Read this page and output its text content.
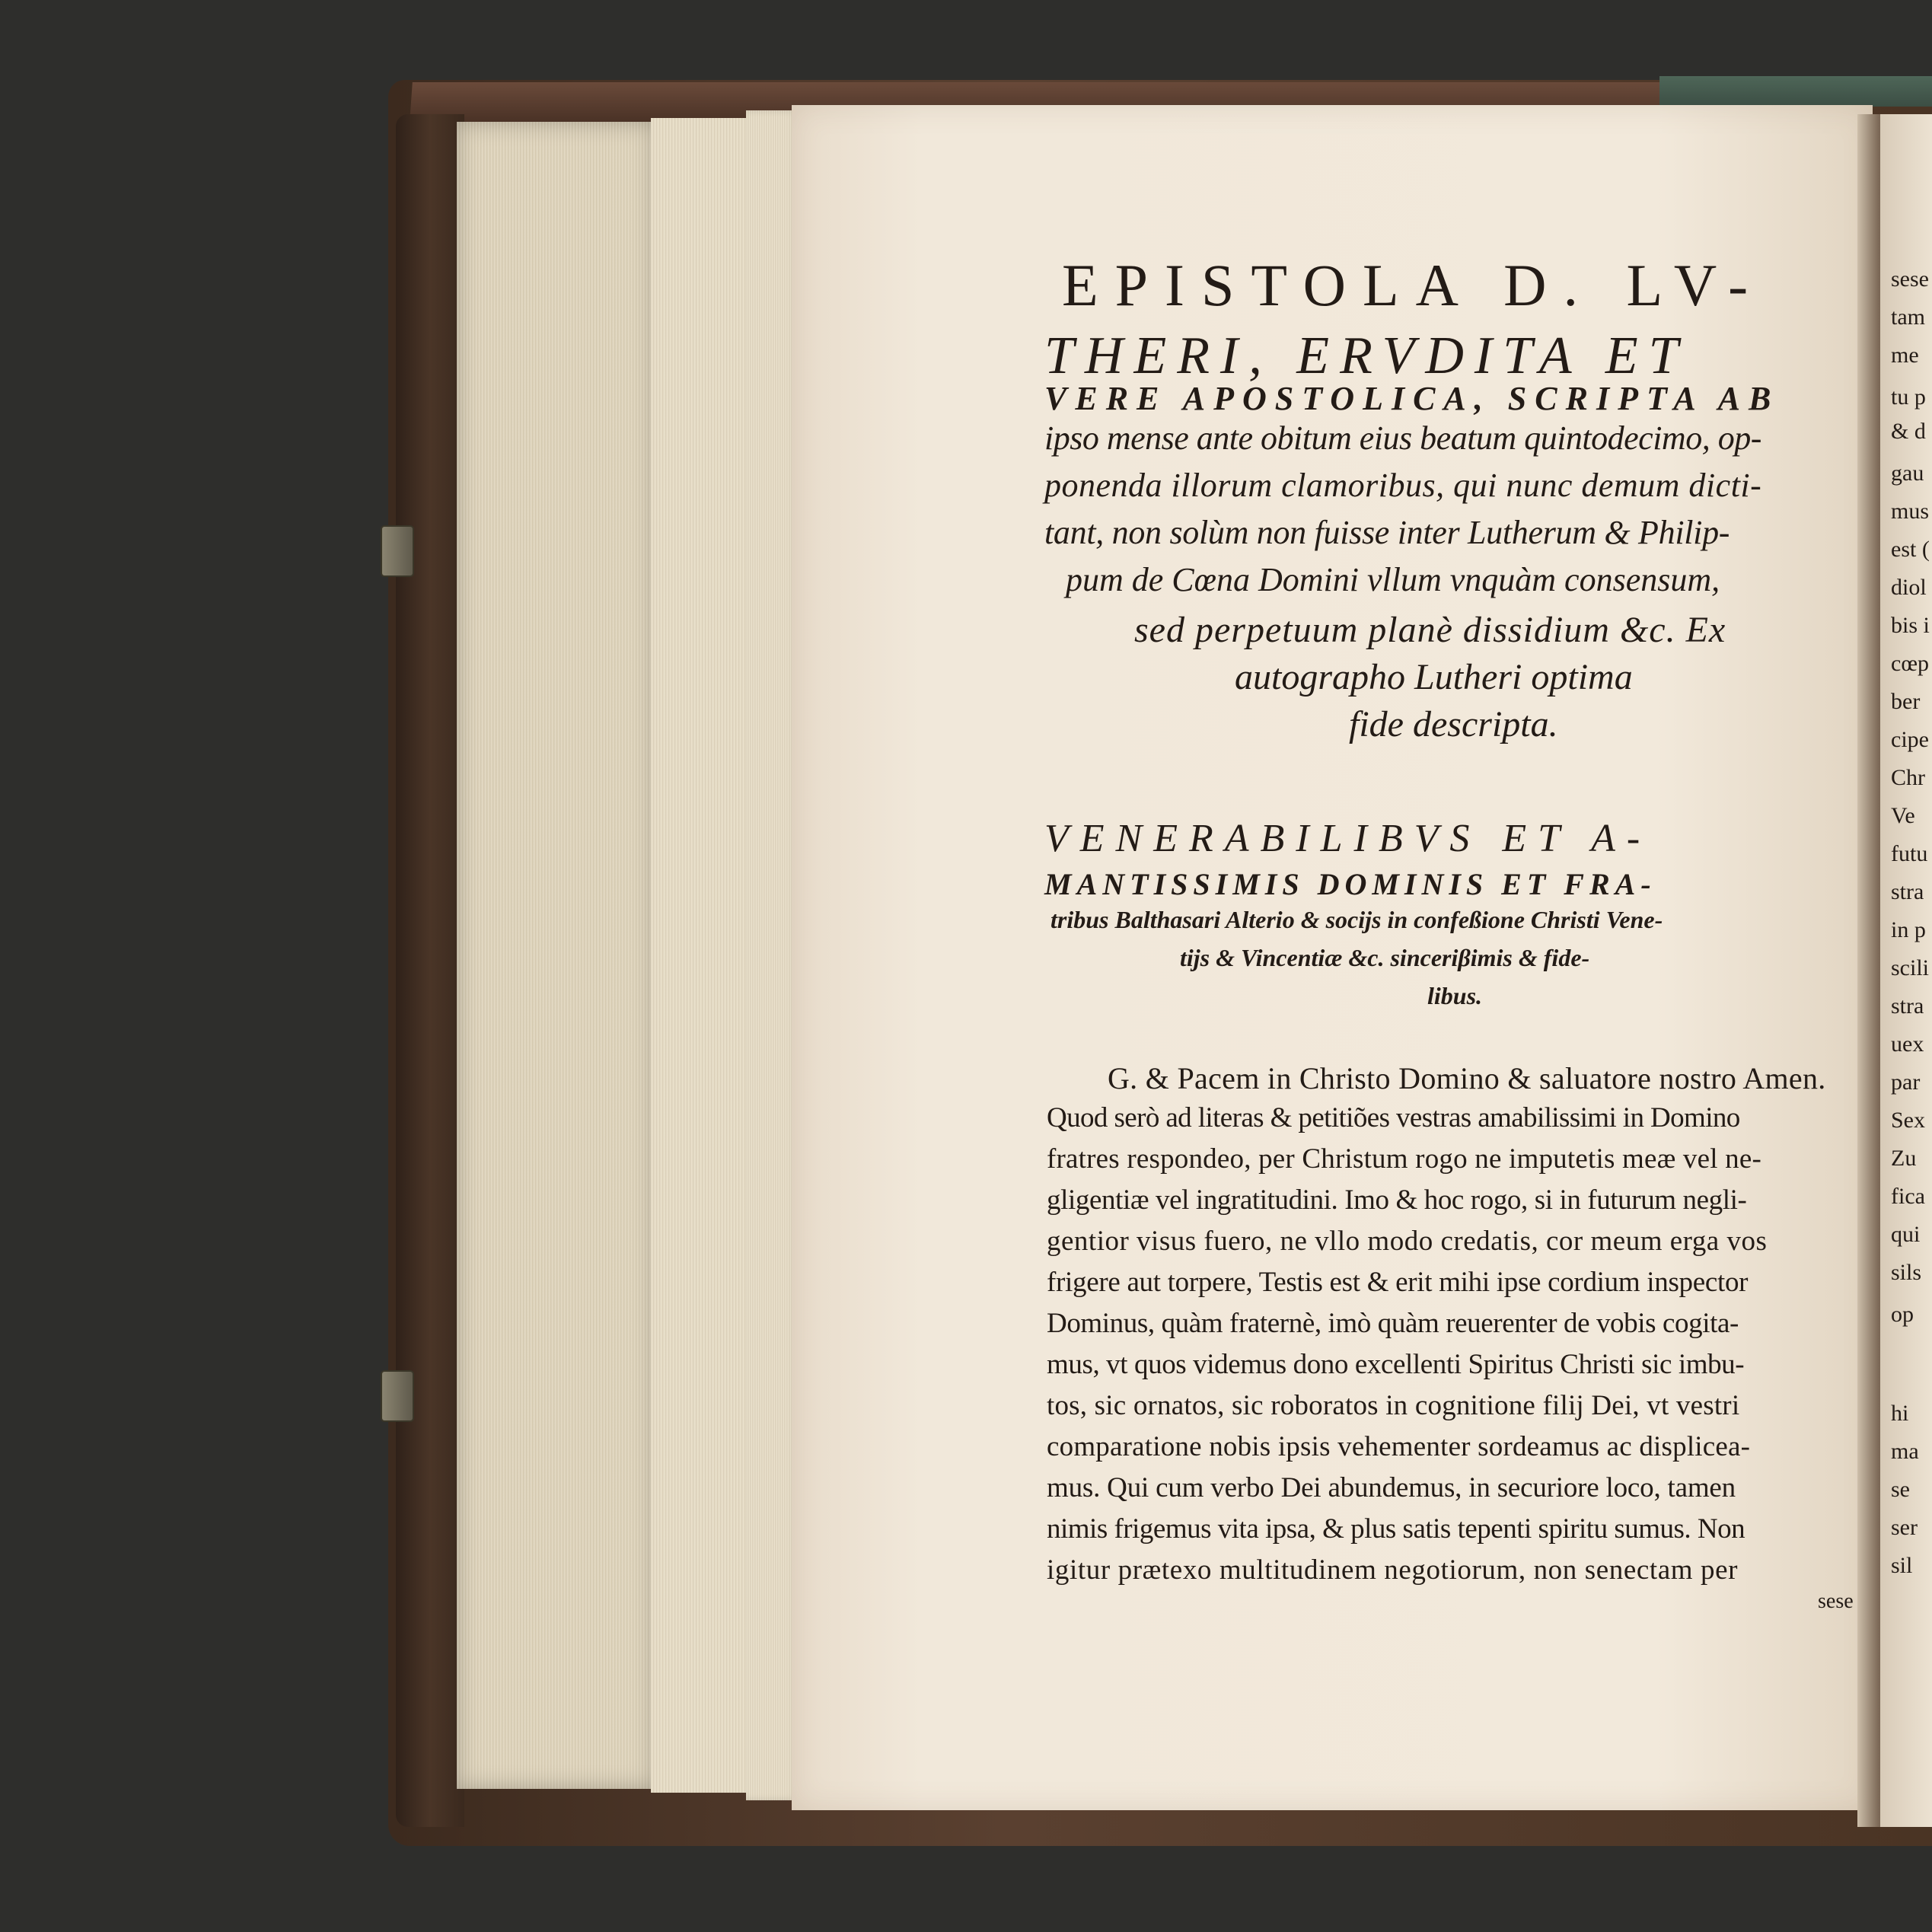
EPISTOLA D. LV-

THERI, ERVDITA ET

VERE APOSTOLICA, SCRIPTA AB

ipso mense ante obitum eius beatum quintodecimo, op-

ponenda illorum clamoribus, qui nunc demum dicti-

tant, non solùm non fuisse inter Lutherum & Philip-

pum de Cœna Domini vllum vnquàm consensum,

sed perpetuum planè dissidium &c. Ex

autographo Lutheri optima

fide descripta.

VENERABILIBVS ET A-

MANTISSIMIS DOMINIS ET FRA-

tribus Balthasari Alterio & socijs in confeßione Christi Vene-

tijs & Vincentiæ &c. sinceriβimis & fide-

libus.

G. & Pacem in Christo Domino & saluatore nostro Amen.

Quod serò ad literas & petitiões vestras amabilissimi in Domino

fratres respondeo, per Christum rogo ne imputetis meæ vel ne-

gligentiæ vel ingratitudini. Imo & hoc rogo, si in futurum negli-

gentior visus fuero, ne vllo modo credatis, cor meum erga vos

frigere aut torpere, Testis est & erit mihi ipse cordium inspector

Dominus, quàm fraternè, imò quàm reuerenter de vobis cogita-

mus, vt quos videmus dono excellenti Spiritus Christi sic imbu-

tos, sic ornatos, sic roboratos in cognitione filij Dei, vt vestri

comparatione nobis ipsis vehementer sordeamus ac displicea-

mus. Qui cum verbo Dei abundemus, in securiore loco, tamen

nimis frigemus vita ipsa, & plus satis tepenti spiritu sumus. Non

igitur prætexo multitudinem negotiorum, non senectam per

sese

sese
tam
me
tu p
& d
gau
mus
est (
diol
bis i
cœp
ber
cipe
Chr
Ve
futu
stra
in p
scili
stra
uex
par
Sex
Zu
fica
qui
sils
op
hi
ma
se
ser
sil
